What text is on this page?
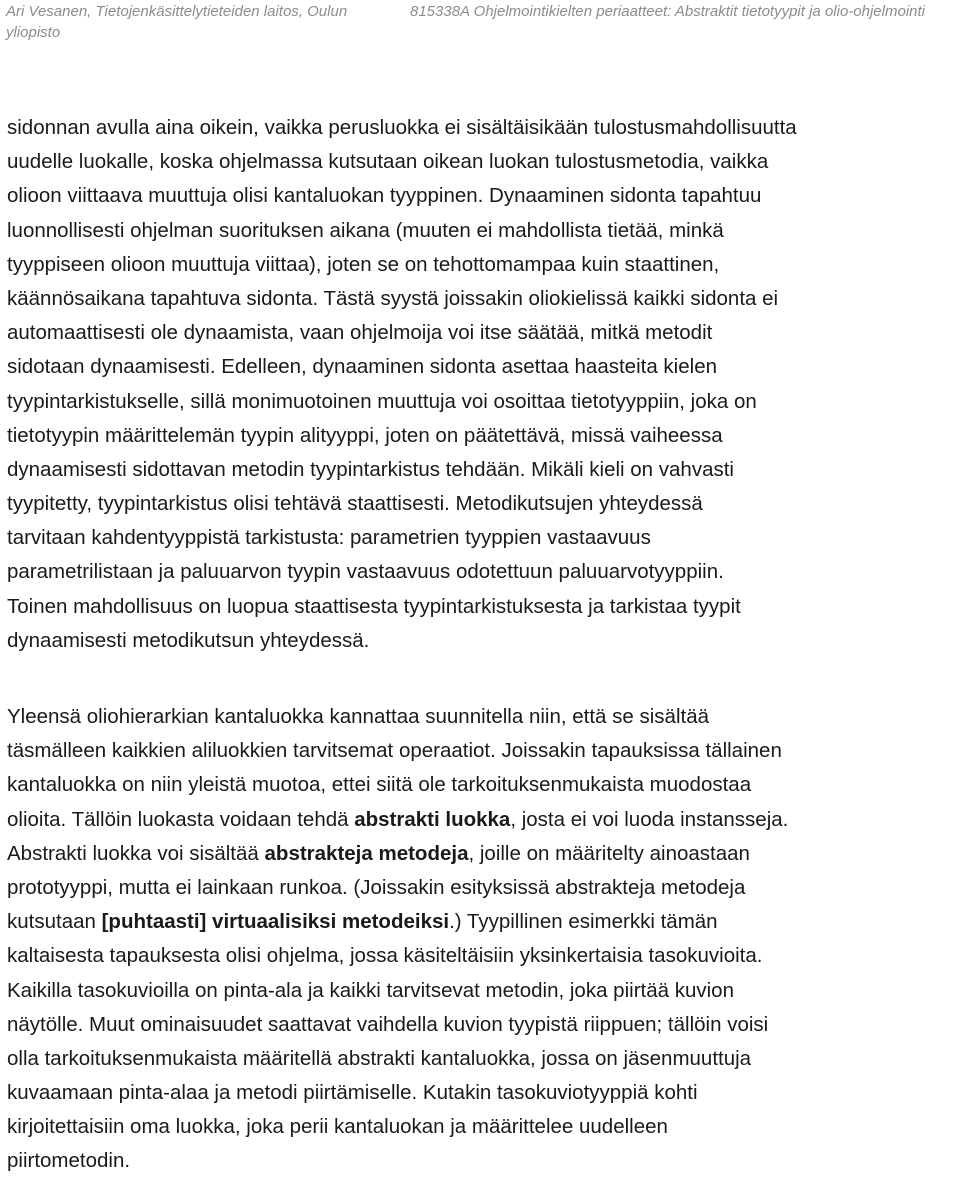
Ari Vesanen, Tietojenkäsittelytieteiden laitos, Oulun yliopisto
815338A Ohjelmointikielten periaatteet: Abstraktit tietotyypit ja olio-ohjelmointi
sidonnan avulla aina oikein, vaikka perusluokka ei sisältäisikään tulostusmahdollisuutta
uudelle luokalle, koska ohjelmassa kutsutaan oikean luokan tulostusmetodia, vaikka
olioon viittaava muuttuja olisi kantaluokan tyyppinen. Dynaaminen sidonta tapahtuu
luonnollisesti ohjelman suorituksen aikana (muuten ei mahdollista tietää, minkä
tyyppiseen olioon muuttuja viittaa), joten se on tehottomampaa kuin staattinen,
käännösaikana tapahtuva sidonta. Tästä syystä joissakin oliokielissä kaikki sidonta ei
automaattisesti ole dynaamista, vaan ohjelmoija voi itse säätää, mitkä metodit
sidotaan dynaamisesti. Edelleen, dynaaminen sidonta asettaa haasteita kielen
tyypintarkistukselle, sillä monimuotoinen muuttuja voi osoittaa tietotyyppiin, joka on
tietotyypin määrittelemän tyypin alityyppi, joten on päätettävä, missä vaiheessa
dynaamisesti sidottavan metodin tyypintarkistus tehdään. Mikäli kieli on vahvasti
tyypitetty, tyypintarkistus olisi tehtävä staattisesti. Metodikutsujen yhteydessä
tarvitaan kahdentyyppistä tarkistusta: parametrien tyyppien vastaavuus
parametrilistaan ja paluuarvon tyypin vastaavuus odotettuun paluuarvotyyppiin.
Toinen mahdollisuus on luopua staattisesta tyypintarkistuksesta ja tarkistaa tyypit
dynaamisesti metodikutsun yhteydessä.
Yleensä oliohierarkian kantaluokka kannattaa suunnitella niin, että se sisältää
täsmälleen kaikkien aliluokkien tarvitsemat operaatiot. Joissakin tapauksissa tällainen
kantaluokka on niin yleistä muotoa, ettei siitä ole tarkoituksenmukaista muodostaa
olioita. Tällöin luokasta voidaan tehdä abstrakti luokka, josta ei voi luoda instansseja.
Abstrakti luokka voi sisältää abstrakteja metodeja, joille on määritelty ainoastaan
prototyyppi, mutta ei lainkaan runkoa. (Joissakin esityksissä abstrakteja metodeja
kutsutaan [puhtaasti] virtuaalisiksi metodeiksi.) Tyypillinen esimerkki tämän
kaltaisesta tapauksesta olisi ohjelma, jossa käsiteltäisiin yksinkertaisia tasokuvioita.
Kaikilla tasokuvioilla on pinta-ala ja kaikki tarvitsevat metodin, joka piirtää kuvion
näytölle. Muut ominaisuudet saattavat vaihdella kuvion tyypistä riippuen; tällöin voisi
olla tarkoituksenmukaista määritellä abstrakti kantaluokka, jossa on jäsenmuuttuja
kuvaamaan pinta-alaa ja metodi piirtämiselle. Kutakin tasokuviotyyppiä kohti
kirjoitettaisiin oma luokka, joka perii kantaluokan ja määrittelee uudelleen
piirtometodin.
